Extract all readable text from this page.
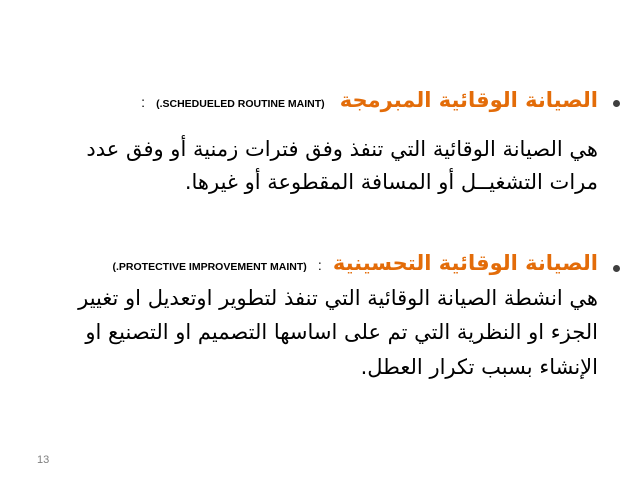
الصيانة الوقائية المبرمجة (.SCHEDUELED ROUTINE MAINT) :
هي الصيانة الوقائية التي تنفذ وفق فترات زمنية أو وفق عدد
مرات التشغيــل أو المسافة المقطوعة أو غيرها.
الصيانة الوقائية التحسينية : (.PROTECTIVE IMPROVEMENT MAINT)
هي انشطة الصيانة الوقائية التي تنفذ لتطوير اوتعديل او تغيير
الجزء او النظرية التي تم على اساسها التصميم او التصنيع او
الإنشاء بسبب تكرار العطل.
13
